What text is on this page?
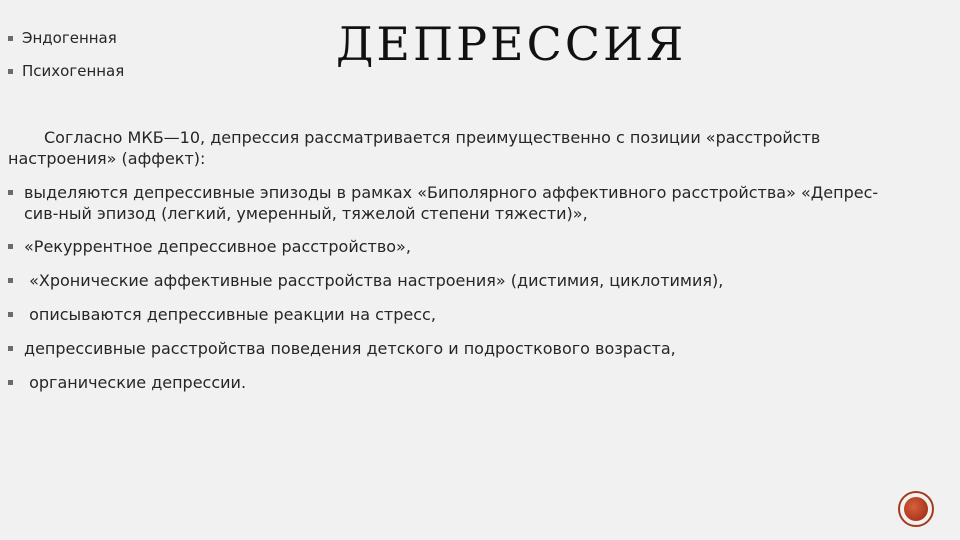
Эндогенная
Психогенная	ДЕПРЕССИЯ

Согласно МКБ—10, депрессия рассматривается преимущественно с позиции «расстройств настроения» (аффект):

выделяются депрессивные эпизоды в рамках «Биполярного аффективного расстройства» «Депрес-сив-ный эпизод (легкий, умеренный, тяжелой степени тяжести)»,
«Рекуррентное депрессивное расстройство»,
«Хронические аффективные расстройства настроения» (дистимия, циклотимия),
описываются депрессивные реакции на стресс,
депрессивные расстройства поведения детского и подросткового возраста,
органические депрессии.
